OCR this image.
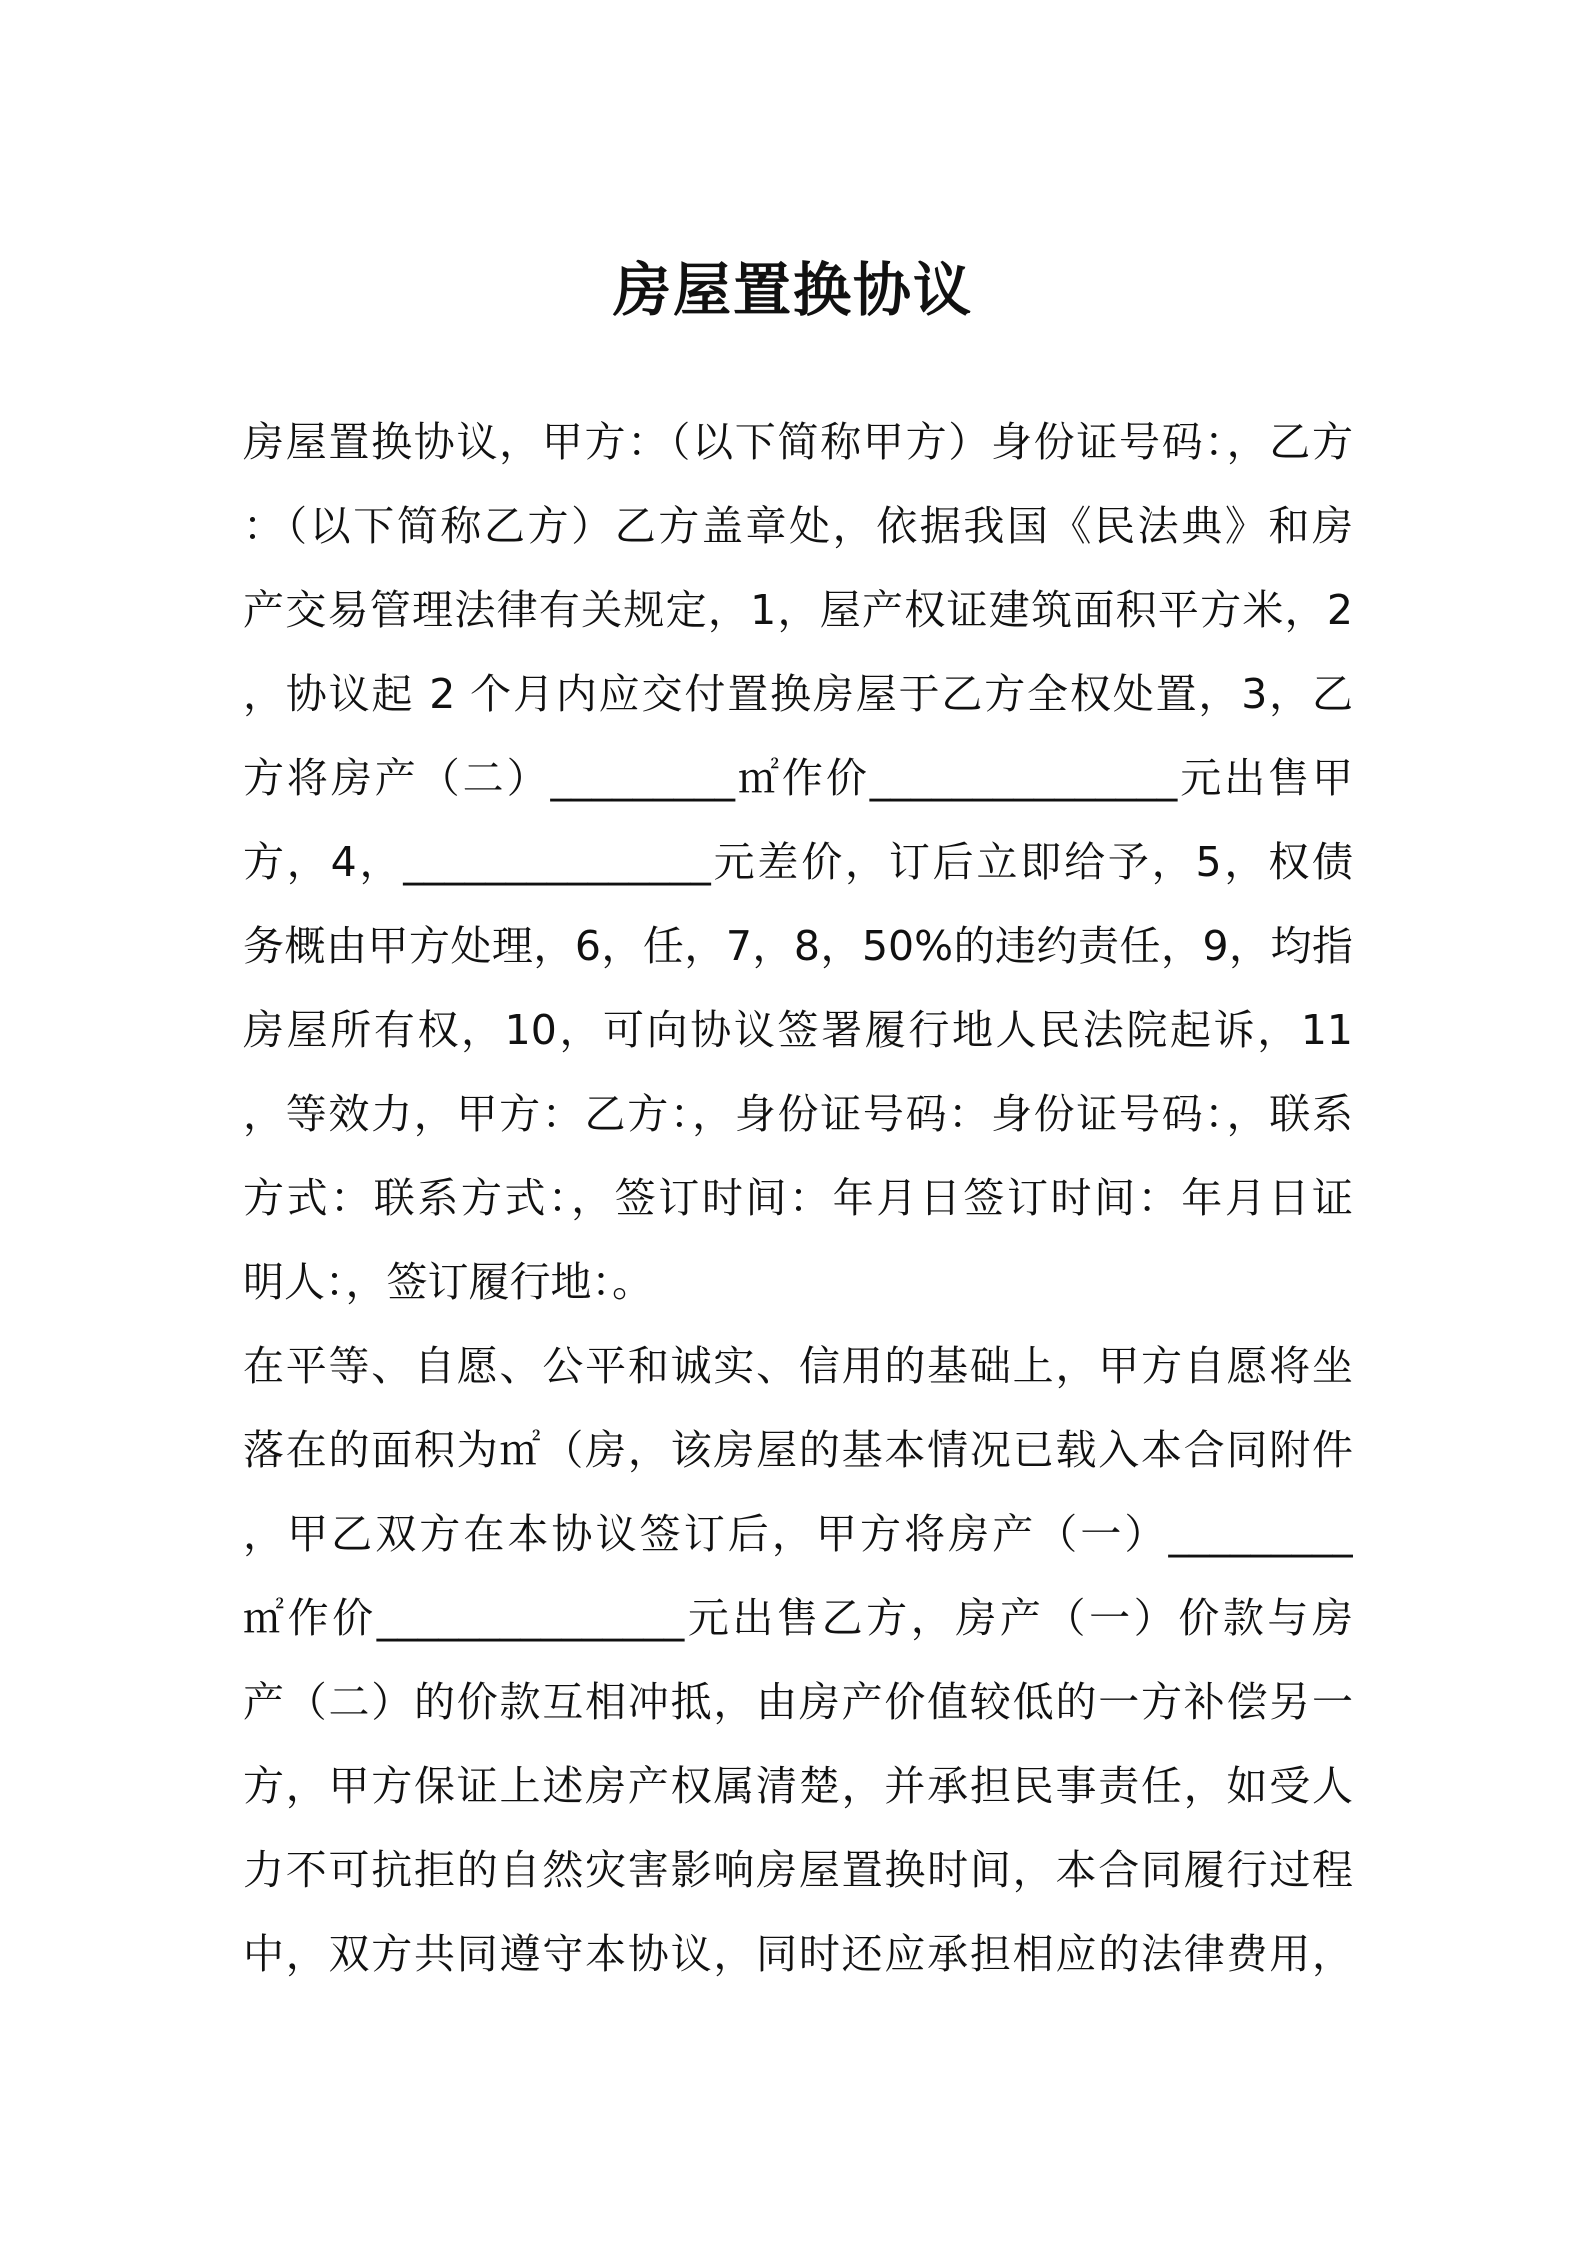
房屋置换协议
房屋置换协议，甲方：（以下简称甲方）身份证号码：，乙方
：（以下简称乙方）乙方盖章处，依据我国《民法典》和房
产交易管理法律有关规定，1，屋产权证建筑面积平方米，2
，协议起 2 个月内应交付置换房屋于乙方全权处置，3，乙
方将房产（二）_________㎡作价_______________元出售甲
方，4，_______________元差价，订后立即给予，5，权债
务概由甲方处理，6，任，7，8，50%的违约责任，9，均指
房屋所有权，10，可向协议签署履行地人民法院起诉，11
，等效力，甲方：乙方：，身份证号码：身份证号码：，联系
方式：联系方式：，签订时间：年月日签订时间：年月日证
明人：，签订履行地：。
在平等、自愿、公平和诚实、信用的基础上，甲方自愿将坐
落在的面积为㎡（房，该房屋的基本情况已载入本合同附件
，甲乙双方在本协议签订后，甲方将房产（一）_________
㎡作价_______________元出售乙方，房产（一）价款与房
产（二）的价款互相冲抵，由房产价值较低的一方补偿另一
方，甲方保证上述房产权属清楚，并承担民事责任，如受人
力不可抗拒的自然灾害影响房屋置换时间，本合同履行过程
中，双方共同遵守本协议，同时还应承担相应的法律费用，
